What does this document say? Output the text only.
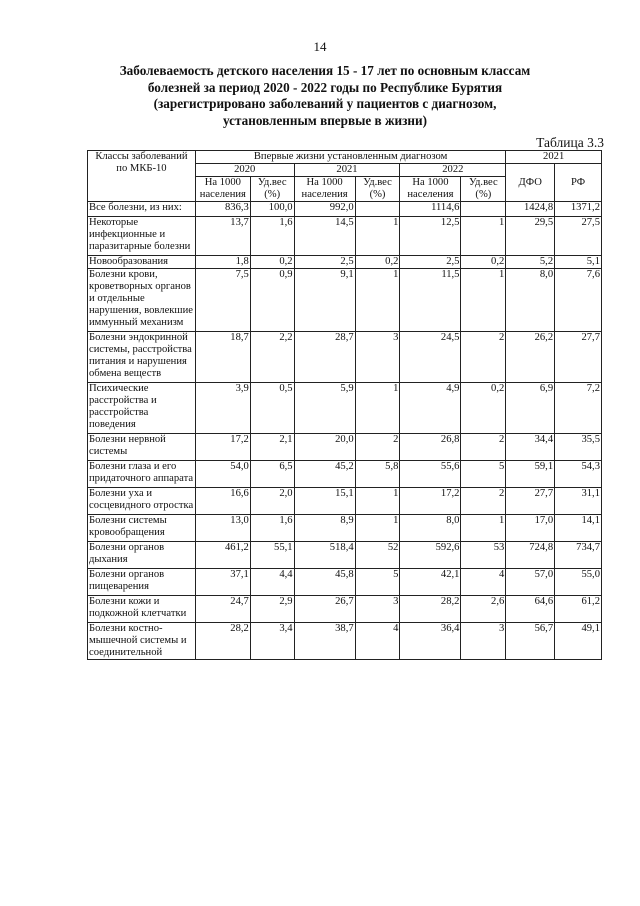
14
Заболеваемость детского населения 15 - 17 лет по основным классам
болезней за период 2020 - 2022 годы по Республике Бурятия
(зарегистрировано заболеваний у пациентов с диагнозом,
установленным впервые в жизни)
Таблица 3.3
Классы заболеваний по МКБ-10	Впервые жизни установленным диагнозом						2021	
	2020		2021		2022		ДФО	РФ
	На 1000 населения	Уд.вес (%)	На 1000 населения	Уд.вес (%)	На 1000 населения	Уд.вес (%)		
Все болезни, из них:	836,3	100,0	992,0		1114,6		1424,8	1371,2
Некоторые инфекционные и паразитарные болезни	13,7	1,6	14,5	1	12,5	1	29,5	27,5
Новообразования	1,8	0,2	2,5	0,2	2,5	0,2	5,2	5,1
Болезни крови, кроветворных органов и отдельные нарушения, вовлекшие иммунный механизм	7,5	0,9	9,1	1	11,5	1	8,0	7,6
Болезни эндокринной системы, расстройства питания и нарушения обмена веществ	18,7	2,2	28,7	3	24,5	2	26,2	27,7
Психические расстройства и расстройства поведения	3,9	0,5	5,9	1	4,9	0,2	6,9	7,2
Болезни нервной системы	17,2	2,1	20,0	2	26,8	2	34,4	35,5
Болезни глаза и его придаточного аппарата	54,0	6,5	45,2	5,8	55,6	5	59,1	54,3
Болезни уха и сосцевидного отростка	16,6	2,0	15,1	1	17,2	2	27,7	31,1
Болезни системы кровообращения	13,0	1,6	8,9	1	8,0	1	17,0	14,1
Болезни органов дыхания	461,2	55,1	518,4	52	592,6	53	724,8	734,7
Болезни органов пищеварения	37,1	4,4	45,8	5	42,1	4	57,0	55,0
Болезни кожи и подкожной клетчатки	24,7	2,9	26,7	3	28,2	2,6	64,6	61,2
Болезни костно-мышечной системы и соединительной	28,2	3,4	38,7	4	36,4	3	56,7	49,1
